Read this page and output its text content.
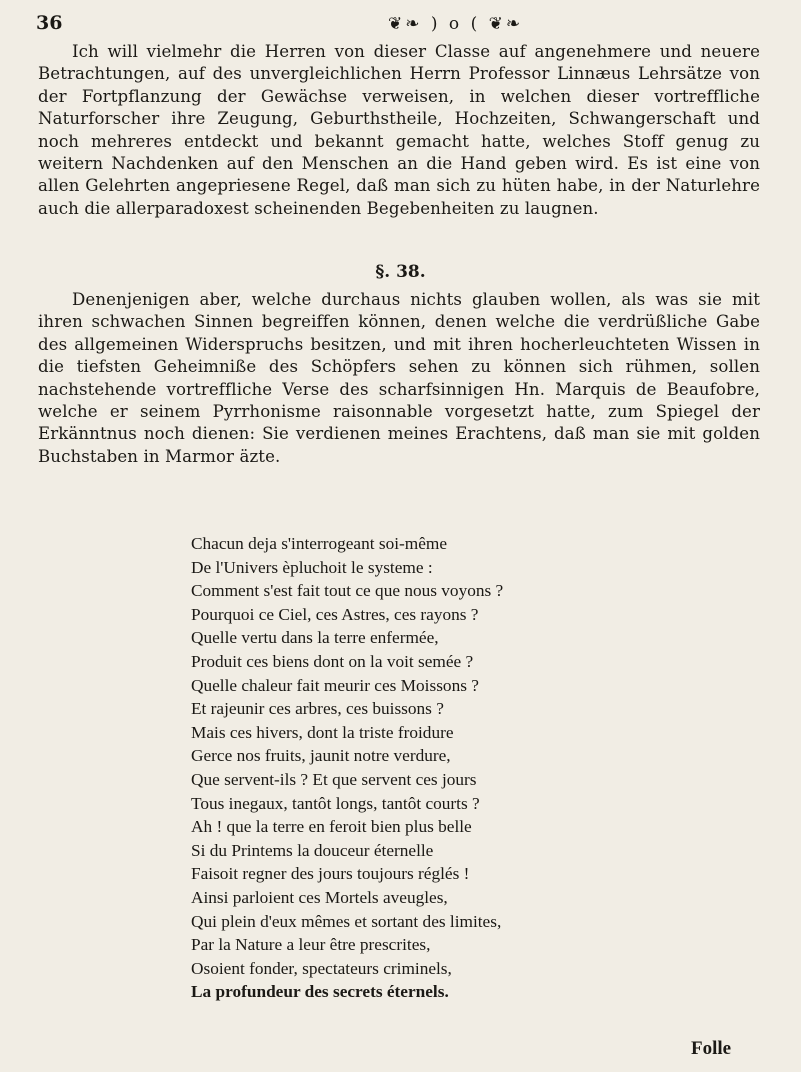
36	❦❧ ) o ( ❦❧
Ich will vielmehr die Herren von dieser Classe auf angenehmere und neuere Betrachtungen, auf des unvergleichlichen Herrn Professor Linnæus Lehrsätze von der Fortpflanzung der Gewächse verweisen, in welchen dieser vortreffliche Naturforscher ihre Zeugung, Geburthstheile, Hochzeiten, Schwangerschaft und noch mehreres entdeckt und bekannt gemacht hatte, welches Stoff genug zu weitern Nachdenken auf den Menschen an die Hand geben wird. Es ist eine von allen Gelehrten angepriesene Regel, daß man sich zu hüten habe, in der Naturlehre auch die allerparadoxest scheinenden Begebenheiten zu laugnen.
§. 38.
Denenjenigen aber, welche durchaus nichts glauben wollen, als was sie mit ihren schwachen Sinnen begreiffen können, denen welche die verdrüßliche Gabe des allgemeinen Widerspruchs besitzen, und mit ihren hocherleuchteten Wissen in die tiefsten Geheimniße des Schöpfers sehen zu können sich rühmen, sollen nachstehende vortreffliche Verse des scharfsinnigen Hn. Marquis de Beaufobre, welche er seinem Pyrrhonisme raisonnable vorgesetzt hatte, zum Spiegel der Erkänntnus noch dienen: Sie verdienen meines Erachtens, daß man sie mit golden Buchstaben in Marmor äzte.
Chacun deja s'interrogeant soi-même
De l'Univers èpluchoit le systeme :
Comment s'est fait tout ce que nous voyons ?
Pourquoi ce Ciel, ces Astres, ces rayons ?
Quelle vertu dans la terre enfermée,
Produit ces biens dont on la voit semée ?
Quelle chaleur fait meurir ces Moissons ?
Et rajeunir ces arbres, ces buissons ?
Mais ces hivers, dont la triste froidure
Gerce nos fruits, jaunit notre verdure,
Que servent-ils ? Et que servent ces jours
Tous inegaux, tantôt longs, tantôt courts ?
Ah ! que la terre en feroit bien plus belle
Si du Printems la douceur éternelle
Faisoit regner des jours toujours réglés !
Ainsi parloient ces Mortels aveugles,
Qui plein d'eux mêmes et sortant des limites,
Par la Nature a leur être prescrites,
Osoient fonder, spectateurs criminels,
La profundeur des secrets éternels.
Folle
